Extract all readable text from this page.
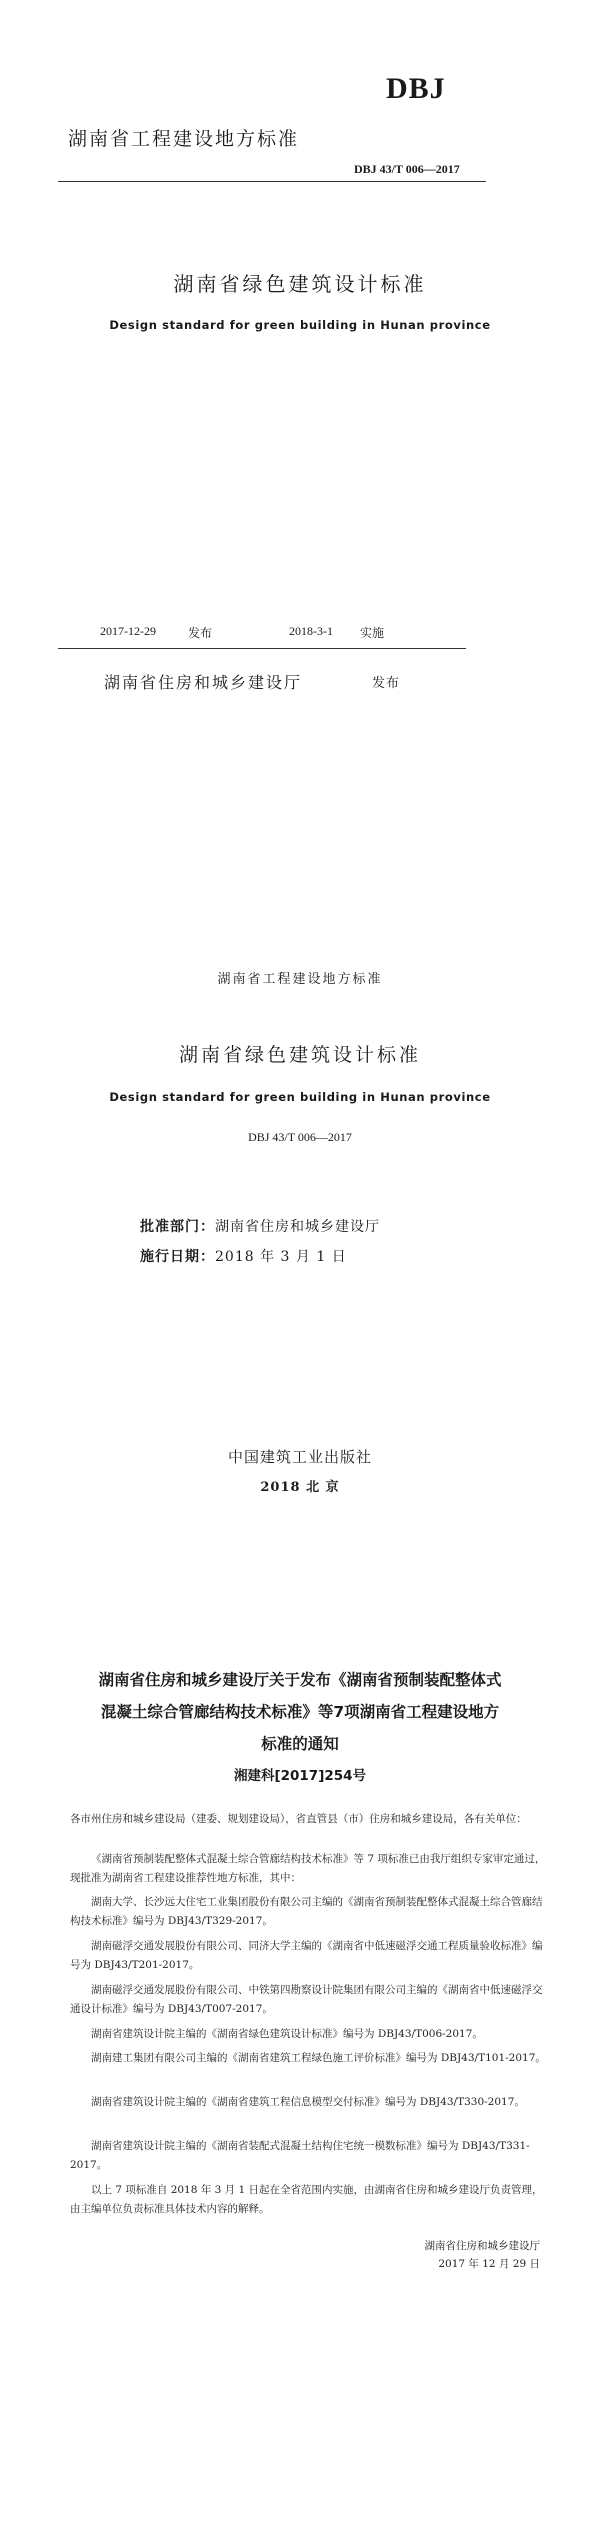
DBJ
湖南省工程建设地方标准
DBJ 43/T 006—2017
湖南省绿色建筑设计标准
Design standard for green building in Hunan province
2017-12-29	发布	2018-3-1 实施
湖南省住房和城乡建设厅	发布
湖南省工程建设地方标准
湖南省绿色建筑设计标准
Design standard for green building in Hunan province
DBJ 43/T 006—2017
批准部门：湖南省住房和城乡建设厅
施行日期：2018 年 3 月 1 日
中国建筑工业出版社
2018 北 京
湖南省住房和城乡建设厅关于发布《湖南省预制装配整体式
混凝土综合管廊结构技术标准》等7项湖南省工程建设地方
标准的通知
湘建科[2017]254号
各市州住房和城乡建设局（建委、规划建设局），省直管县（市）住房和城乡建设局，各有关单位：
《湖南省预制装配整体式混凝土综合管廊结构技术标准》等 7 项标准已由我厅组织专家审定通过，现批准为湖南省工程建设推荐性地方标准，其中：
湖南大学、长沙远大住宅工业集团股份有限公司主编的《湖南省预制装配整体式混凝土综合管廊结构技术标准》编号为 DBJ43/T329-2017。
湖南磁浮交通发展股份有限公司、同济大学主编的《湖南省中低速磁浮交通工程质量验收标准》编号为 DBJ43/T201-2017。
湖南磁浮交通发展股份有限公司、中铁第四勘察设计院集团有限公司主编的《湖南省中低速磁浮交通设计标准》编号为 DBJ43/T007-2017。
湖南省建筑设计院主编的《湖南省绿色建筑设计标准》编号为 DBJ43/T006-2017。
湖南建工集团有限公司主编的《湖南省建筑工程绿色施工评价标准》编号为 DBJ43/T101-2017。
湖南省建筑设计院主编的《湖南省建筑工程信息模型交付标准》编号为 DBJ43/T330-2017。
湖南省建筑设计院主编的《湖南省装配式混凝土结构住宅统一模数标准》编号为 DBJ43/T331-2017。
以上 7 项标准自 2018 年 3 月 1 日起在全省范围内实施，由湖南省住房和城乡建设厅负责管理，由主编单位负责标准具体技术内容的解释。
湖南省住房和城乡建设厅
2017 年 12 月 29 日
